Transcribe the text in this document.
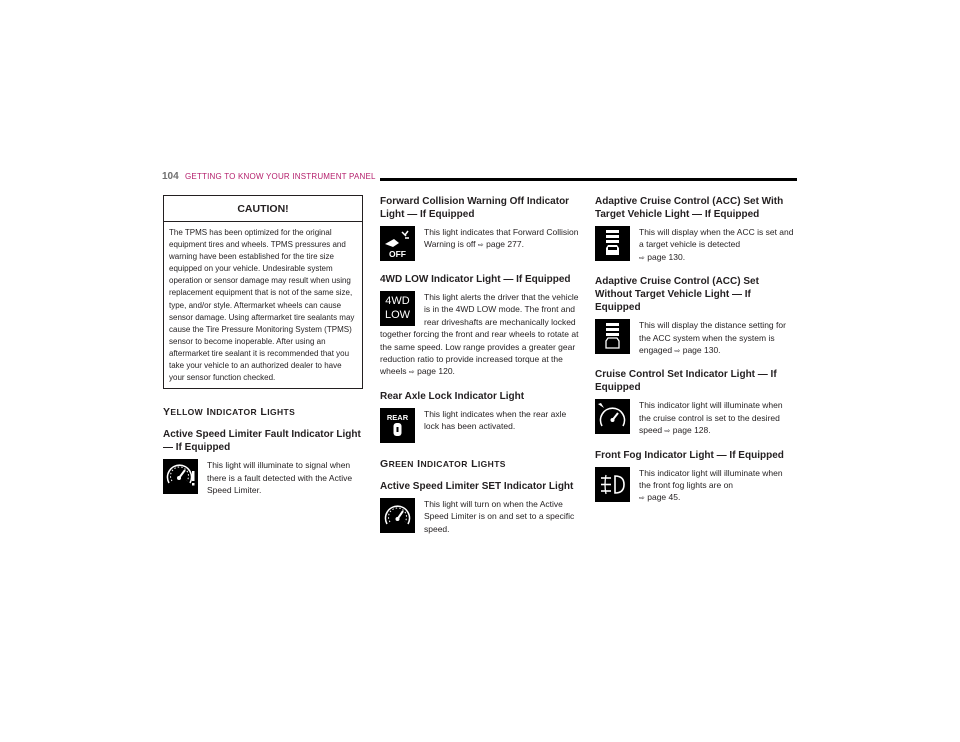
104 GETTING TO KNOW YOUR INSTRUMENT PANEL
CAUTION!
The TPMS has been optimized for the original equipment tires and wheels. TPMS pressures and warning have been established for the tire size equipped on your vehicle. Undesirable system operation or sensor damage may result when using replacement equipment that is not of the same size, type, and/or style. Aftermarket wheels can cause sensor damage. Using aftermarket tire sealants may cause the Tire Pressure Monitoring System (TPMS) sensor to become inoperable. After using an aftermarket tire sealant it is recommended that you take your vehicle to an authorized dealer to have your sensor function checked.
YELLOW INDICATOR LIGHTS
Active Speed Limiter Fault Indicator Light — If Equipped
This light will illuminate to signal when there is a fault detected with the Active Speed Limiter.
Forward Collision Warning Off Indicator Light — If Equipped
OFF
This light indicates that Forward Collision Warning is off ⇨ page 277.
4WD LOW Indicator Light — If Equipped
4WD
LOW
This light alerts the driver that the vehicle is in the 4WD LOW mode. The front and rear driveshafts are mechanically locked together forcing the front and rear wheels to rotate at the same speed. Low range provides a greater gear reduction ratio to provide increased torque at the wheels ⇨ page 120.
Rear Axle Lock Indicator Light
REAR	This light indicates when the rear axle lock has been activated.
GREEN INDICATOR LIGHTS
Active Speed Limiter SET Indicator Light
This light will turn on when the Active Speed Limiter is on and set to a specific speed.
Adaptive Cruise Control (ACC) Set With Target Vehicle Light — If Equipped
This will display when the ACC is set and a target vehicle is detected
⇨ page 130.
Adaptive Cruise Control (ACC) Set Without Target Vehicle Light — If Equipped
This will display the distance setting for the ACC system when the system is engaged ⇨ page 130.
Cruise Control Set Indicator Light — If Equipped
This indicator light will illuminate when the cruise control is set to the desired speed ⇨ page 128.
Front Fog Indicator Light — If Equipped
This indicator light will illuminate when the front fog lights are on
⇨ page 45.
